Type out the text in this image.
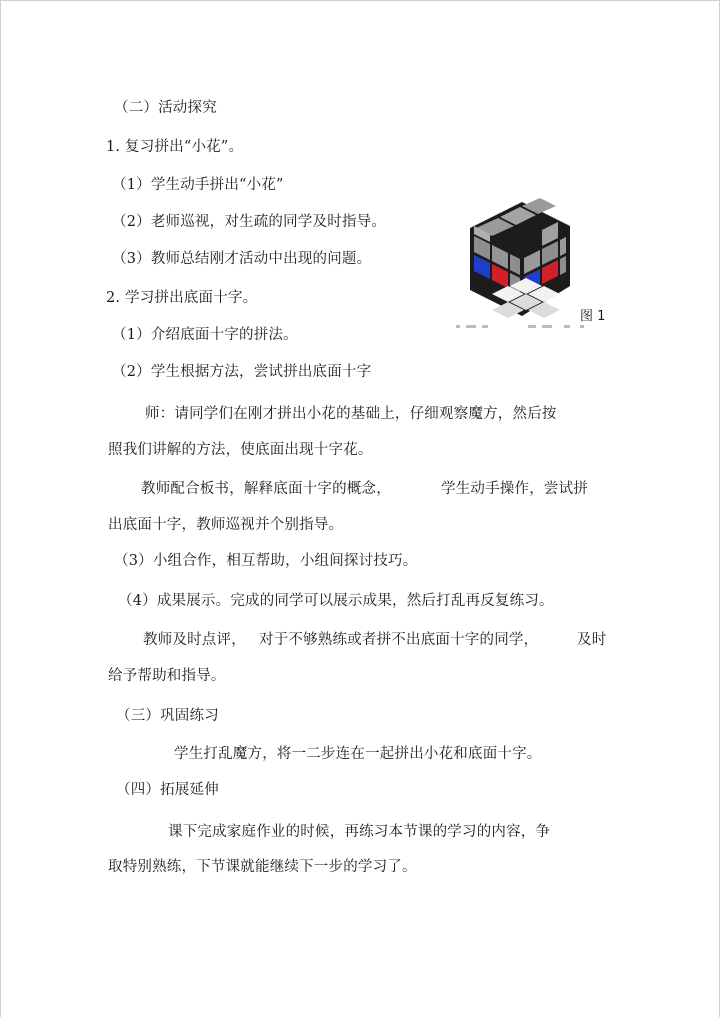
（二）活动探究
1. 复习拼出“小花”。
（1）学生动手拼出“小花”
（2）老师巡视，对生疏的同学及时指导。
（3）教师总结刚才活动中出现的问题。
2. 学习拼出底面十字。
（1）介绍底面十字的拼法。
（2）学生根据方法，尝试拼出底面十字
师：请同学们在刚才拼出小花的基础上，仔细观察魔方，然后按
照我们讲解的方法，使底面出现十字花。
教师配合板书，解释底面十字的概念，	学生动手操作，尝试拼
出底面十字，教师巡视并个别指导。
（3）小组合作，相互帮助，小组间探讨技巧。
（4）成果展示。完成的同学可以展示成果，然后打乱再反复练习。
教师及时点评， 对于不够熟练或者拼不出底面十字的同学，	及时
给予帮助和指导。
（三）巩固练习
学生打乱魔方，将一二步连在一起拼出小花和底面十字。
（四）拓展延伸
课下完成家庭作业的时候，再练习本节课的学习的内容，争
取特别熟练，下节课就能继续下一步的学习了。
图 1
